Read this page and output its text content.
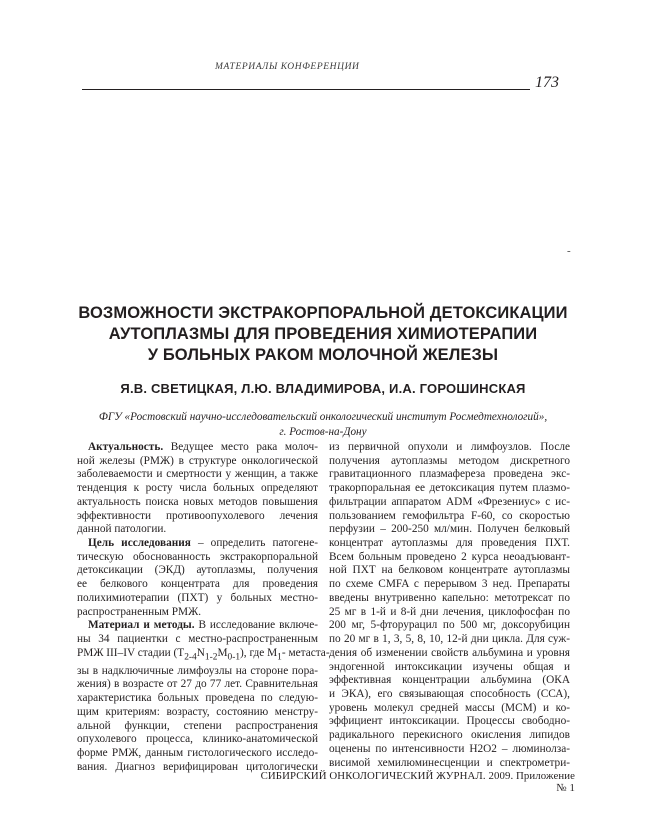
МАТЕРИАЛЫ КОНФЕРЕНЦИИ
173
-
ВОЗМОЖНОСТИ ЭКСТРАКОРПОРАЛЬНОЙ ДЕТОКСИКАЦИИ
АУТОПЛАЗМЫ ДЛЯ ПРОВЕДЕНИЯ ХИМИОТЕРАПИИ
У БОЛЬНЫХ РАКОМ МОЛОЧНОЙ ЖЕЛЕЗЫ
Я.В. СВЕТИЦКАЯ, Л.Ю. ВЛАДИМИРОВА, И.А. ГОРОШИНСКАЯ
ФГУ «Ростовский научно-исследовательский онкологический институт Росмедтехнологий»,
г. Ростов-на-Дону
Актуальность. Ведущее место рака молоч-
ной железы (РМЖ) в структуре онкологической
заболеваемости и смертности у женщин, а также
тенденция к росту числа больных определяют
актуальность поиска новых методов повышения
эффективности противоопухолевого лечения
данной патологии.
Цель исследования – определить патогене-
тическую обоснованность экстракорпоральной
детоксикации (ЭКД) аутоплазмы, получения
ее белкового концентрата для проведения
полихимиотерапии (ПХТ) у больных местно-
распространенным РМЖ.
Материал и методы. В исследование включе-
ны 34 пациентки с местно-распространенным
РМЖ III–IV стадии $(T_{2-4}N_{1-2}M_{0-1})$, где $M_1-$ метаста-
зы в надключичные лимфоузлы на стороне пора-
жения) в возрасте от 27 до 77 лет. Сравнительная
характеристика больных проведена по следую-
щим критериям: возрасту, состоянию менстру-
альной функции, степени распространения
опухолевого процесса, клинико-анатомической
форме РМЖ, данным гистологического исследо-
вания. Диагноз верифицирован цитологически
из первичной опухоли и лимфоузлов. После
получения аутоплазмы методом дискретного
гравитационного плазмафереза проведена экс-
тракорпоральная ее детоксикация путем плазмо-
фильтрации аппаратом ADM «Фрезениус» с ис-
пользованием гемофильтра F-60, со скоростью
перфузии – 200-250 мл/мин. Получен белковый
концентрат аутоплазмы для проведения ПХТ.
Всем больным проведено 2 курса неоадъювант-
ной ПХТ на белковом концентрате аутоплазмы
по схеме CMFA с перерывом 3 нед. Препараты
введены внутривенно капельно: метотрексат по
25 мг в 1-й и 8-й дни лечения, циклофосфан по
200 мг, 5-фторурацил по 500 мг, доксорубицин
по 20 мг в 1, 3, 5, 8, 10, 12-й дни цикла. Для суж-
дения об изменении свойств альбумина и уровня
эндогенной интоксикации изучены общая и
эффективная концентрации альбумина (ОКА
и ЭКА), его связывающая способность (ССА),
уровень молекул средней массы (МСМ) и ко-
эффициент интоксикации. Процессы свободно-
радикального перекисного окисления липидов
оценены по интенсивности Н2О2 – люминолза-
висимой хемилюминесценции и спектрометри-
СИБИРСКИЙ ОНКОЛОГИЧЕСКИЙ ЖУРНАЛ. 2009. Приложение № 1
